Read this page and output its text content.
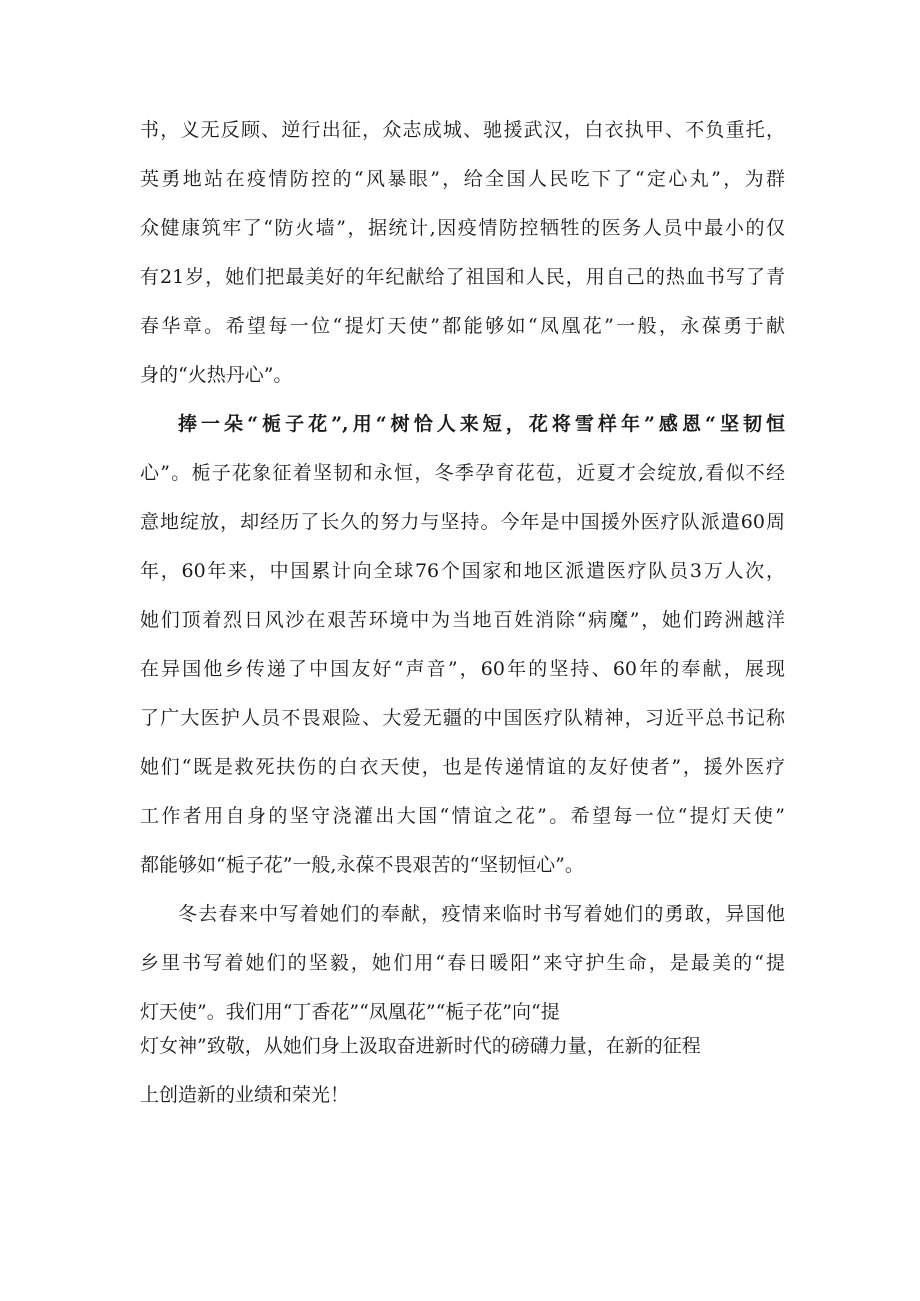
书，义无反顾、逆行出征，众志成城、驰援武汉，白衣执甲、不负重托，
英勇地站在疫情防控的“风暴眼”，给全国人民吃下了“定心丸”，为群
众健康筑牢了“防火墙”，据统计,因疫情防控牺牲的医务人员中最小的仅
有21岁，她们把最美好的年纪献给了祖国和人民，用自己的热血书写了青
春华章。希望每一位“提灯天使”都能够如“凤凰花”一般，永葆勇于献
身的“火热丹心”。
捧一朵“栀子花”,用“树恰人来短，花将雪样年”感恩“坚韧恒
心”。栀子花象征着坚韧和永恒，冬季孕育花苞，近夏才会绽放,看似不经
意地绽放，却经历了长久的努力与坚持。今年是中国援外医疗队派遣60周
年，60年来，中国累计向全球76个国家和地区派遣医疗队员3万人次，
她们顶着烈日风沙在艰苦环境中为当地百姓消除“病魔”，她们跨洲越洋
在异国他乡传递了中国友好“声音”，60年的坚持、60年的奉献，展现
了广大医护人员不畏艰险、大爱无疆的中国医疗队精神，习近平总书记称
她们“既是救死扶伤的白衣天使，也是传递情谊的友好使者”，援外医疗
工作者用自身的坚守浇灌出大国“情谊之花”。希望每一位“提灯天使”
都能够如“栀子花”一般,永葆不畏艰苦的“坚韧恒心”。
冬去春来中写着她们的奉献，疫情来临时书写着她们的勇敢，异国他
乡里书写着她们的坚毅，她们用“春日暖阳”来守护生命，是最美的“提
灯天使”。我们用“丁香花”“凤凰花”“栀子花”向“提
灯女神”致敬，从她们身上汲取奋进新时代的磅礴力量，在新的征程
上创造新的业绩和荣光！
